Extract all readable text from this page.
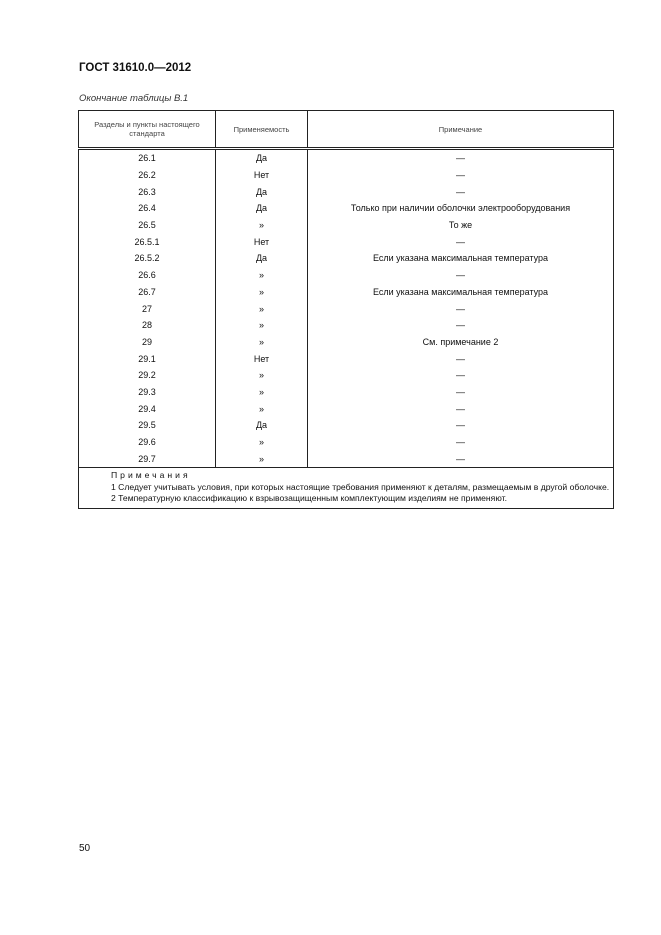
ГОСТ 31610.0—2012
Окончание таблицы В.1
Разделы и пункты настоящего стандарта	Применяемость	Примечание
26.1	Да	—
26.2	Нет	—
26.3	Да	—
26.4	Да	Только при наличии оболочки электрооборудования
26.5	»	То же
26.5.1	Нет	—
26.5.2	Да	Если указана максимальная температура
26.6	»	—
26.7	»	Если указана максимальная температура
27	»	—
28	»	—
29	»	См. примечание 2
29.1	Нет	—
29.2	»	—
29.3	»	—
29.4	»	—
29.5	Да	—
29.6	»	—
29.7	»	—

Примечания
1 Следует учитывать условия, при которых настоящие требования применяют к деталям, размещаемым в другой оболочке.
2 Температурную классификацию к взрывозащищенным комплектующим изделиям не применяют.		
50
